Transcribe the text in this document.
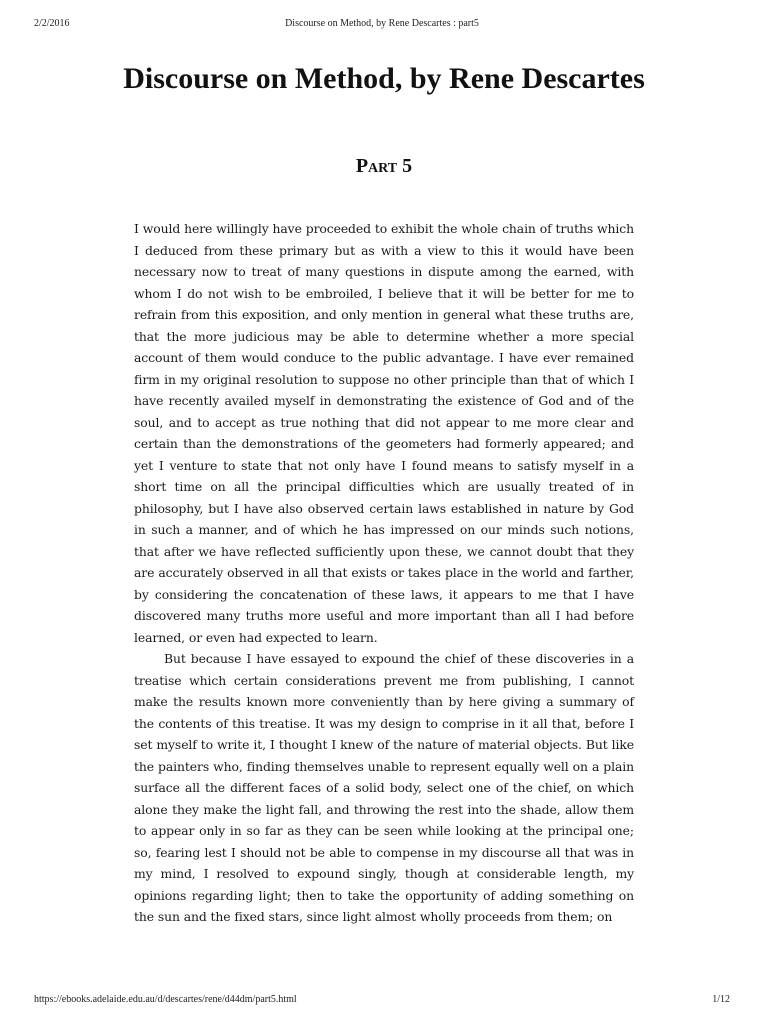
2/2/2016	Discourse on Method, by Rene Descartes : part5
Discourse on Method, by Rene Descartes
Part 5

I would here willingly have proceeded to exhibit the whole chain of truths which I deduced from these primary but as with a view to this it would have been necessary now to treat of many questions in dispute among the earned, with whom I do not wish to be embroiled, I believe that it will be better for me to refrain from this exposition, and only mention in general what these truths are, that the more judicious may be able to determine whether a more special account of them would conduce to the public advantage. I have ever remained firm in my original resolution to suppose no other principle than that of which I have recently availed myself in demonstrating the existence of God and of the soul, and to accept as true nothing that did not appear to me more clear and certain than the demonstrations of the geometers had formerly appeared; and yet I venture to state that not only have I found means to satisfy myself in a short time on all the principal difficulties which are usually treated of in philosophy, but I have also observed certain laws established in nature by God in such a manner, and of which he has impressed on our minds such notions, that after we have reflected sufficiently upon these, we cannot doubt that they are accurately observed in all that exists or takes place in the world and farther, by considering the concatenation of these laws, it appears to me that I have discovered many truths more useful and more important than all I had before learned, or even had expected to learn.

But because I have essayed to expound the chief of these discoveries in a treatise which certain considerations prevent me from publishing, I cannot make the results known more conveniently than by here giving a summary of the contents of this treatise. It was my design to comprise in it all that, before I set myself to write it, I thought I knew of the nature of material objects. But like the painters who, finding themselves unable to represent equally well on a plain surface all the different faces of a solid body, select one of the chief, on which alone they make the light fall, and throwing the rest into the shade, allow them to appear only in so far as they can be seen while looking at the principal one; so, fearing lest I should not be able to compense in my discourse all that was in my mind, I resolved to expound singly, though at considerable length, my opinions regarding light; then to take the opportunity of adding something on the sun and the fixed stars, since light almost wholly proceeds from them; on

https://ebooks.adelaide.edu.au/d/descartes/rene/d44dm/part5.html	1/12
